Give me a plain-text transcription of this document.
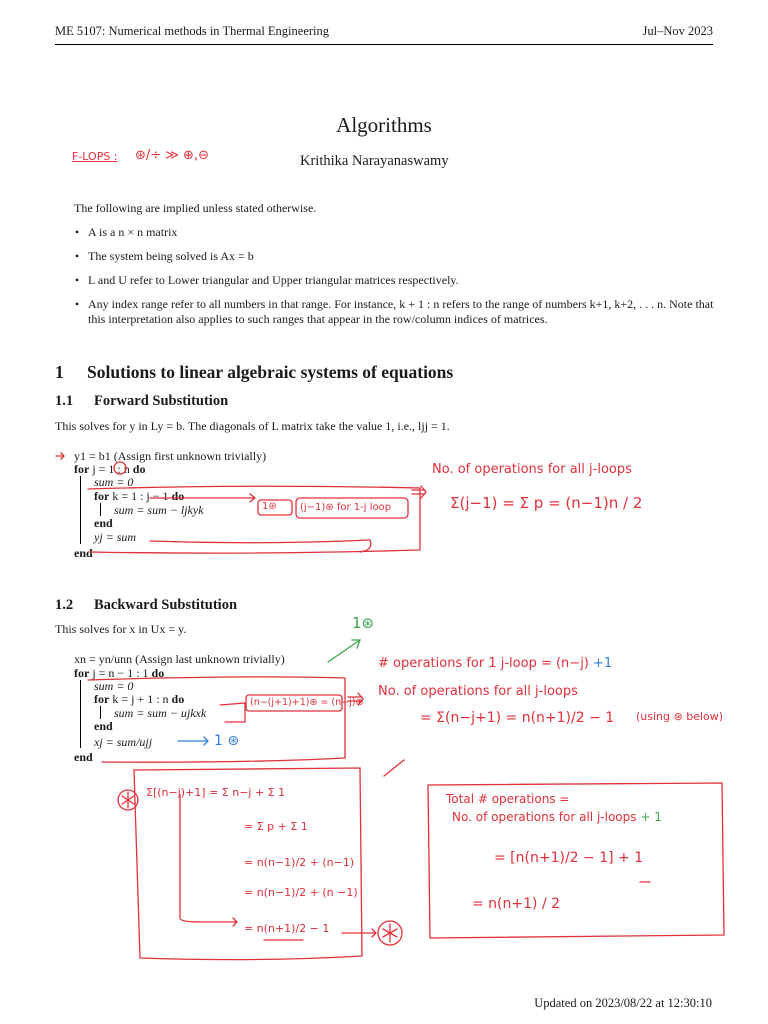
ME 5107: Numerical methods in Thermal Engineering	Jul–Nov 2023
Algorithms
Krithika Narayanaswamy
F-LOPS : ⊛/÷ ≫ ⊕,⊖
The following are implied unless stated otherwise.
• A is a n × n matrix
• The system being solved is Ax = b
• L and U refer to Lower triangular and Upper triangular matrices respectively.
• Any index range refer to all numbers in that range. For instance, k + 1 : n refers to the range of numbers k+1, k+2, . . . n. Note that this interpretation also applies to such ranges that appear in the row/column indices of matrices.
1 Solutions to linear algebraic systems of equations
1.1 Forward Substitution
This solves for y in Ly = b. The diagonals of L matrix take the value 1, i.e., ljj = 1.
y1 = b1 (Assign first unknown trivially)
for j = 1 : n do
sum = 0
for k = 1 : j − 1 do
sum = sum − ljkyk
end
yj = sum
end
1.2 Backward Substitution
This solves for x in Ux = y.
xn = yn/unn (Assign last unknown trivially)
for j = n − 1 : 1 do
sum = 0
for k = j + 1 : n do
sum = sum − ujkxk
end
xj = sum/ujj
end
1⊛ (j−1)⊛ for 1-j loop
No. of operations for all j-loops
Σ(j−1) = Σ p = (n−1)n / 2
1⊛
(n−(j+1)+1)⊛ = (n−j)⊛
1 ⊛
# operations for 1 j-loop = (n−j) +1
No. of operations for all j-loops
= Σ(n−j+1) = n(n+1)/2 − 1 (using ⊛ below)
Σ[(n−j)+1] = Σ n−j + Σ 1
= Σ p + Σ 1
= n(n−1)/2 + (n−1)
= n(n−1)/2 + (n −1)
= n(n+1)/2 − 1
Total # operations =
No. of operations for all j-loops + 1
= [n(n+1)/2 − 1] + 1
= n(n+1) / 2
Updated on 2023/08/22 at 12:30:10
